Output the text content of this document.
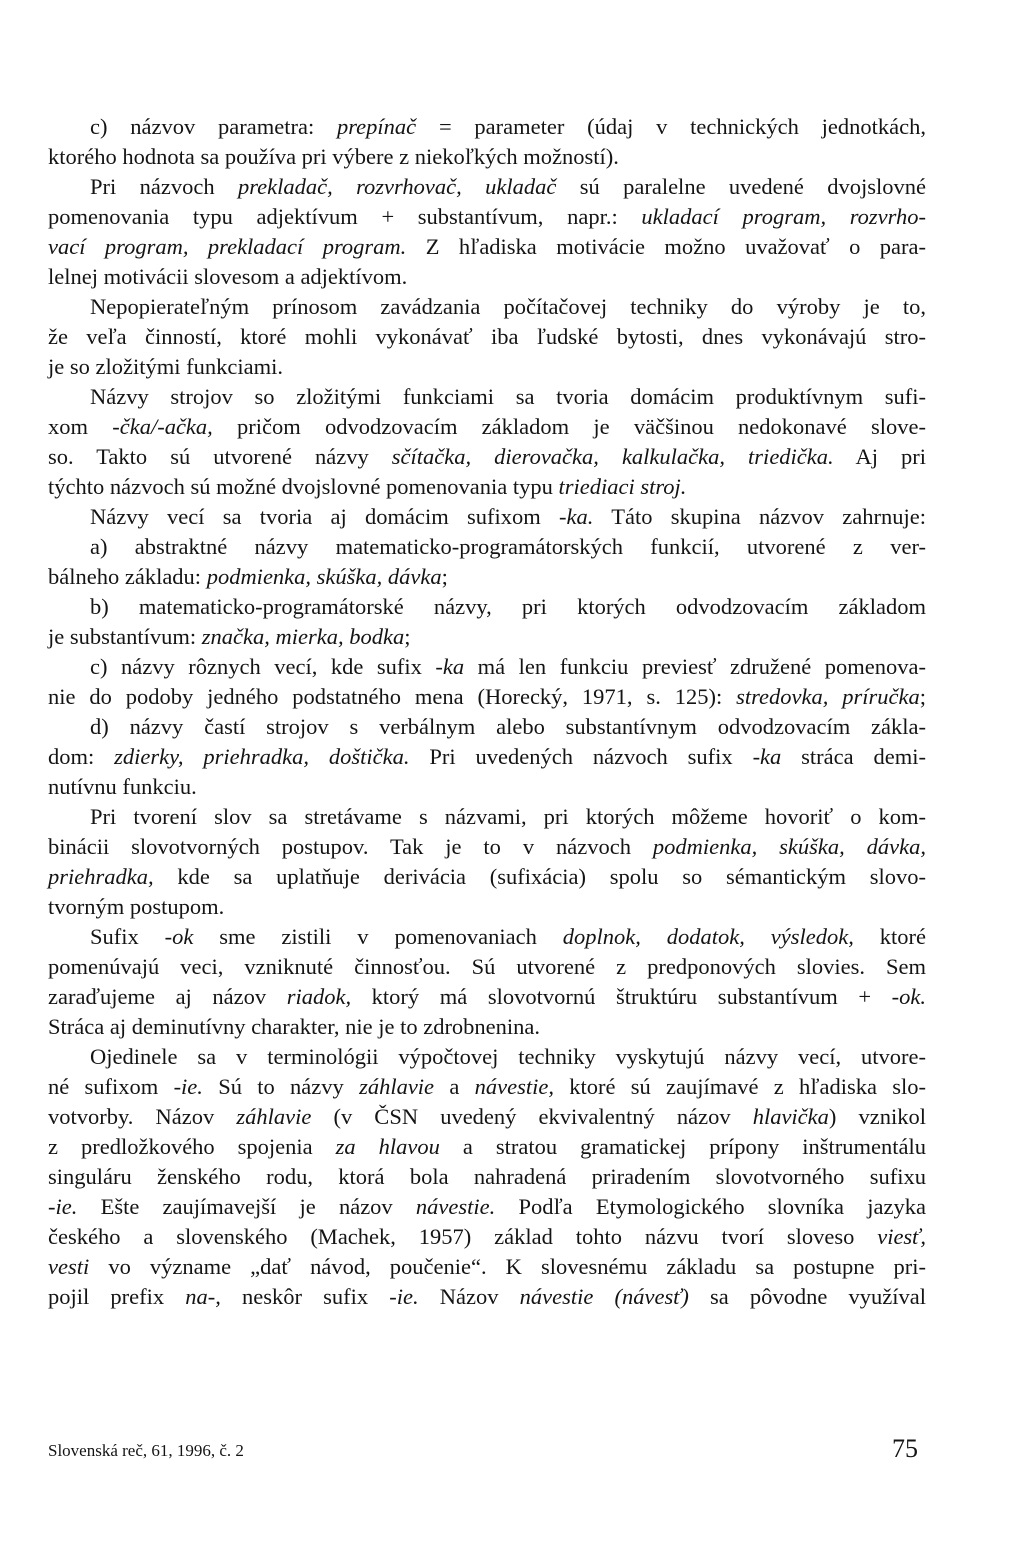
c) názvov parametra: prepínač = parameter (údaj v technických jednotkách,
ktorého hodnota sa používa pri výbere z niekoľkých možností).
Pri názvoch prekladač, rozvrhovač, ukladač sú paralelne uvedené dvojslovné
pomenovania typu adjektívum + substantívum, napr.: ukladací program, rozvrho-
vací program, prekladací program. Z hľadiska motivácie možno uvažovať o para-
lelnej motivácii slovesom a adjektívom.
Nepopierateľným prínosom zavádzania počítačovej techniky do výroby je to,
že veľa činností, ktoré mohli vykonávať iba ľudské bytosti, dnes vykonávajú stro-
je so zložitými funkciami.
Názvy strojov so zložitými funkciami sa tvoria domácim produktívnym sufi-
xom -čka/-ačka, pričom odvodzovacím základom je väčšinou nedokonavé slove-
so. Takto sú utvorené názvy sčítačka, dierovačka, kalkulačka, triedička. Aj pri
týchto názvoch sú možné dvojslovné pomenovania typu triediaci stroj.
Názvy vecí sa tvoria aj domácim sufixom -ka. Táto skupina názvov zahrnuje:
a) abstraktné názvy matematicko-programátorských funkcií, utvorené z ver-
bálneho základu: podmienka, skúška, dávka;
b) matematicko-programátorské názvy, pri ktorých odvodzovacím základom
je substantívum: značka, mierka, bodka;
c) názvy rôznych vecí, kde sufix -ka má len funkciu previesť združené pomenova-
nie do podoby jedného podstatného mena (Horecký, 1971, s. 125): stredovka, príručka;
d) názvy častí strojov s verbálnym alebo substantívnym odvodzovacím zákla-
dom: zdierky, priehradka, doštička. Pri uvedených názvoch sufix -ka stráca demi-
nutívnu funkciu.
Pri tvorení slov sa stretávame s názvami, pri ktorých môžeme hovoriť o kom-
binácii slovotvorných postupov. Tak je to v názvoch podmienka, skúška, dávka,
priehradka, kde sa uplatňuje derivácia (sufixácia) spolu so sémantickým slovo-
tvorným postupom.
Sufix -ok sme zistili v pomenovaniach doplnok, dodatok, výsledok, ktoré
pomenúvajú veci, vzniknuté činnosťou. Sú utvorené z predponových slovies. Sem
zaraďujeme aj názov riadok, ktorý má slovotvornú štruktúru substantívum + -ok.
Stráca aj deminutívny charakter, nie je to zdrobnenina.
Ojedinele sa v terminológii výpočtovej techniky vyskytujú názvy vecí, utvore-
né sufixom -ie. Sú to názvy záhlavie a návestie, ktoré sú zaujímavé z hľadiska slo-
votvorby. Názov záhlavie (v ČSN uvedený ekvivalentný názov hlavička) vznikol
z predložkového spojenia za hlavou a stratou gramatickej prípony inštrumentálu
singuláru ženského rodu, ktorá bola nahradená priradením slovotvorného sufixu
-ie. Ešte zaujímavejší je názov návestie. Podľa Etymologického slovníka jazyka
českého a slovenského (Machek, 1957) základ tohto názvu tvorí sloveso viesť,
vesti vo význame „dať návod, poučenie“. K slovesnému základu sa postupne pri-
pojil prefix na-, neskôr sufix -ie. Názov návestie (návesť) sa pôvodne využíval
Slovenská reč, 61, 1996, č. 2	75
